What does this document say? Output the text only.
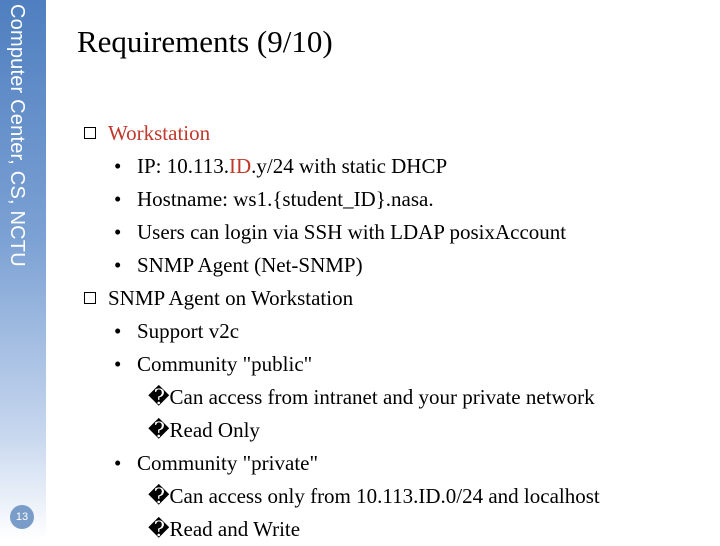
Computer Center, CS, NCTU
13
Requirements (9/10)
Workstation
• IP: 10.113.ID.y/24 with static DHCP
• Hostname: ws1.{student_ID}.nasa.
• Users can login via SSH with LDAP posixAccount
• SNMP Agent (Net-SNMP)
SNMP Agent on Workstation
• Support v2c
• Community "public"
�Can access from intranet and your private network
�Read Only
• Community "private"
�Can access only from 10.113.ID.0/24 and localhost
�Read and Write
